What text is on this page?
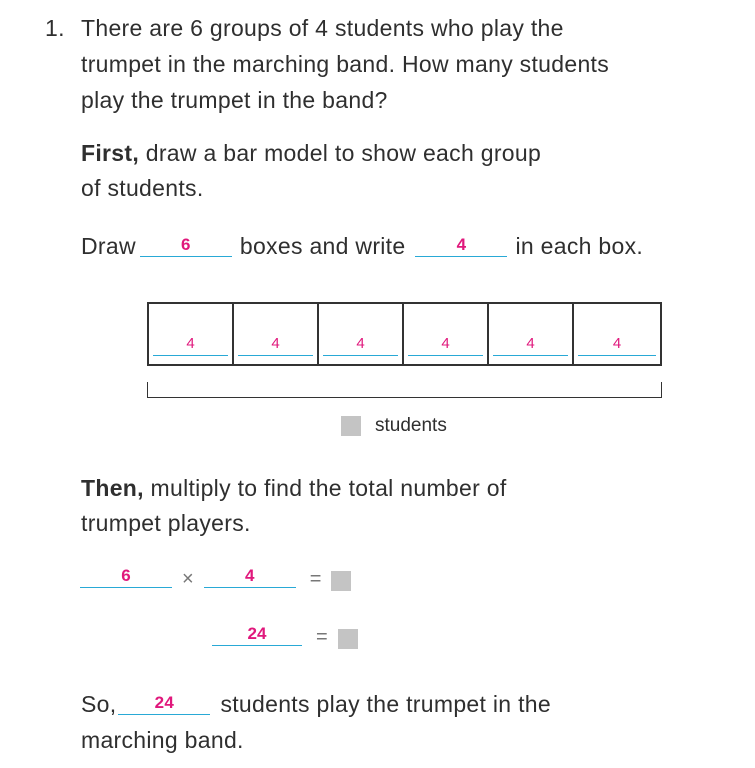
1. There are 6 groups of 4 students who play the
trumpet in the marching band. How many students
play the trumpet in the band?
First, draw a bar model to show each group
of students.
Draw	6 boxes and write	4 in each box.
4	4	4	4	4	4
students
Then, multiply to find the total number of
trumpet players.
6	×	4	=
24 =
So, 24 students play the trumpet in the
marching band.
